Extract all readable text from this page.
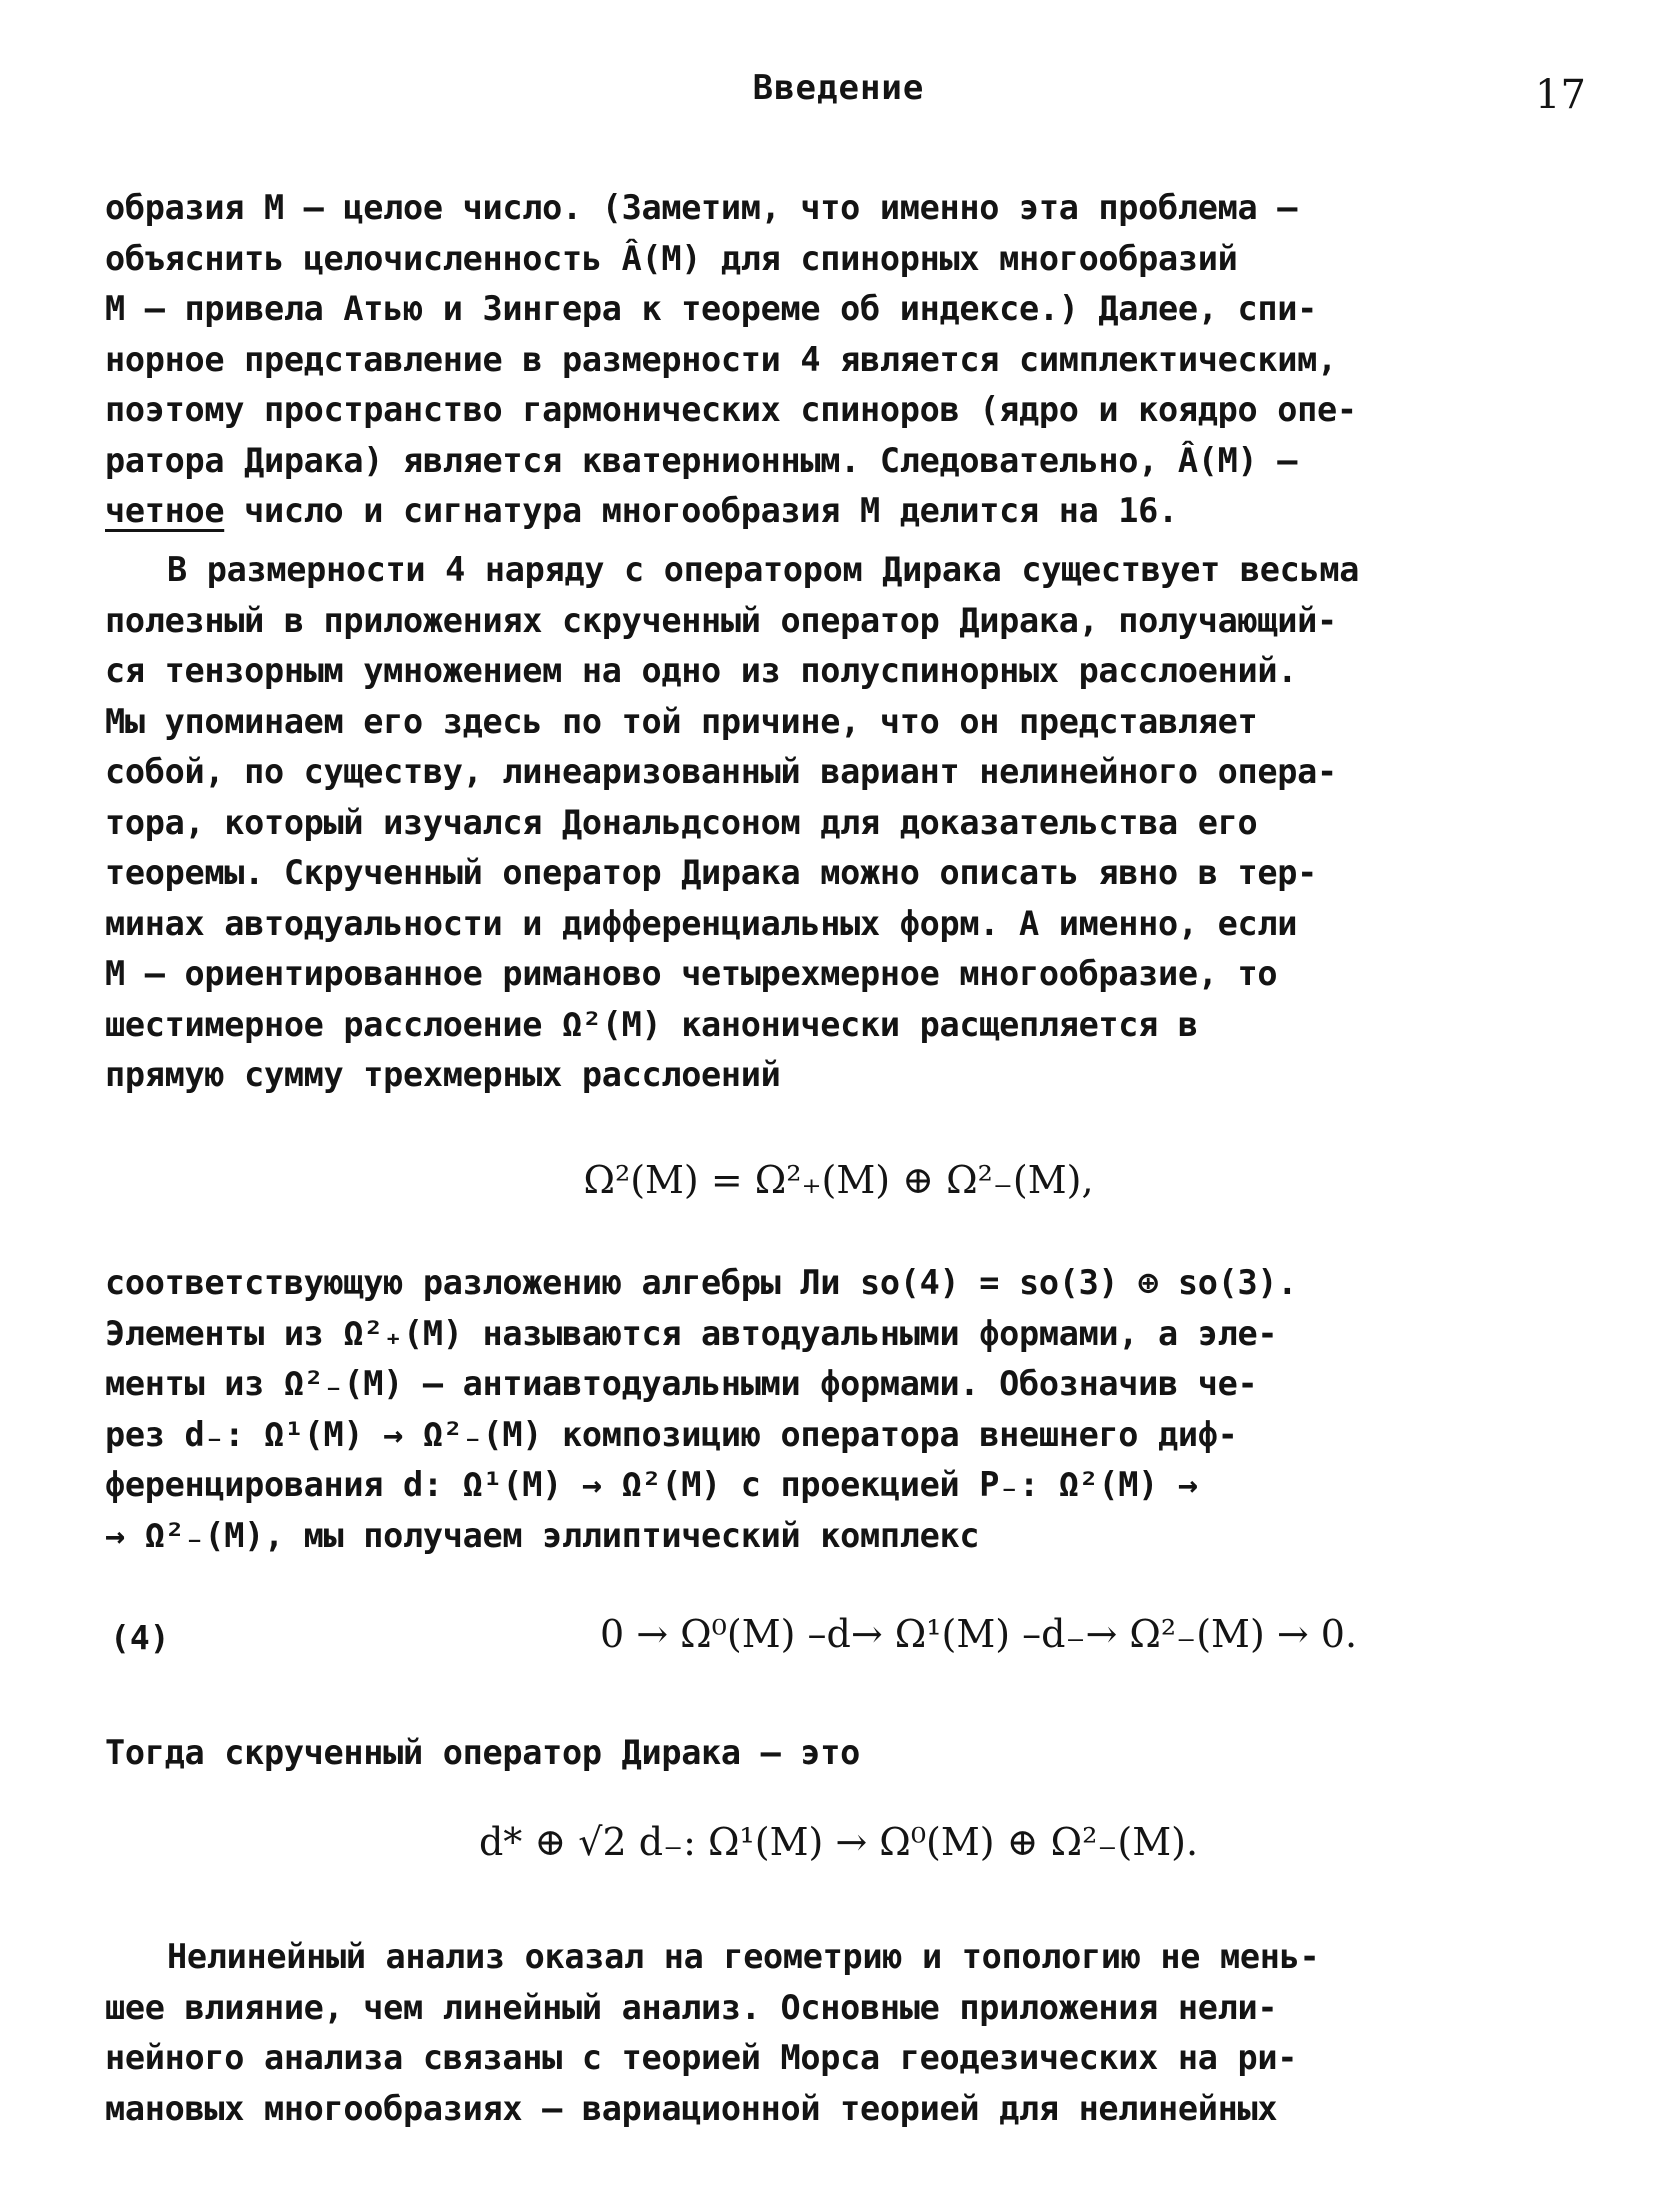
Введение	17
образия М – целое число. (Заметим, что именно эта проблема –
объяснить целочисленность Â(M) для спинорных многообразий
М – привела Атью и Зингера к теореме об индексе.) Далее, спи-
норное представление в размерности 4 является симплектическим,
поэтому пространство гармонических спиноров (ядро и коядро опе-
ратора Дирака) является кватернионным. Следовательно, Â(M) –
четное число и сигнатура многообразия М делится на 16.
В размерности 4 наряду с оператором Дирака существует весьма
полезный в приложениях скрученный оператор Дирака, получающий-
ся тензорным умножением на одно из полуспинорных расслоений.
Мы упоминаем его здесь по той причине, что он представляет
собой, по существу, линеаризованный вариант нелинейного опера-
тора, который изучался Дональдсоном для доказательства его
теоремы. Скрученный оператор Дирака можно описать явно в тер-
минах автодуальности и дифференциальных форм. А именно, если
М – ориентированное риманово четырехмерное многообразие, то
шестимерное расслоение Ω²(M) канонически расщепляется в
прямую сумму трехмерных расслоений
Ω²(M) = Ω²₊(M) ⊕ Ω²₋(M),
соответствующую разложению алгебры Ли so(4) = so(3) ⊕ so(3).
Элементы из Ω²₊(M) называются автодуальными формами, а эле-
менты из Ω²₋(M) – антиавтодуальными формами. Обозначив че-
рез d₋: Ω¹(M) → Ω²₋(M) композицию оператора внешнего диф-
ференцирования d: Ω¹(M) → Ω²(M) с проекцией P₋: Ω²(M) →
→ Ω²₋(M), мы получаем эллиптический комплекс
(4)	0 → Ω⁰(M) –d→ Ω¹(M) –d₋→ Ω²₋(M) → 0.
Тогда скрученный оператор Дирака – это
d* ⊕ √2 d₋: Ω¹(M) → Ω⁰(M) ⊕ Ω²₋(M).
Нелинейный анализ оказал на геометрию и топологию не мень-
шее влияние, чем линейный анализ. Основные приложения нели-
нейного анализа связаны с теорией Морса геодезических на ри-
мановых многообразиях – вариационной теорией для нелинейных
